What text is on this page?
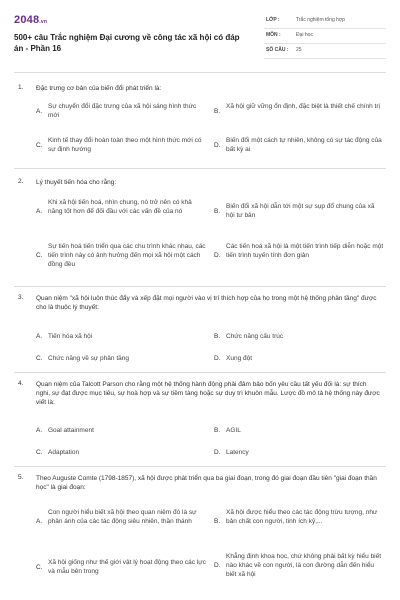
2048.vn
500+ câu Trắc nghiệm Đại cương về công tác xã hội có đáp án - Phần 16
LỚP :	Trắc nghiệm tổng hợp
MÔN :	Đại học
SỐ CÂU : 25
1. Đặc trưng cơ bản của biến đổi phát triển là:
A.
Sự chuyển đổi đặc trưng của xã hội sáng hình thức mới
B.
Xã hội giữ vững ổn định, đặc biệt là thiết chế chính trị
C.
Kinh tế thay đổi hoàn toàn theo một hình thức mới có sự định hướng
D.
Biến đổi một cách tự nhiên, không có sự tác động của bất kỳ ai
2. Lý thuyết tiến hóa cho rằng:
A.
Khi xã hội tiến hoá, nhìn chung, nó trở nên có khả năng tốt hơn để đối đầu với các vấn đề của nó	B.
Biến đổi xã hội dẫn tới một sự sụp đổ chung của xã hội tư bản
C.
Sự tiến hoá tiến triển qua các chu trình khác nhau, các tiến trình này có ảnh hưởng đến mọi xã hội một cách đồng đều
D.
Các tiến hoá xã hội là một tiến trình tiếp diễn hoặc một tiến trình tuyến tính đơn giản
3. Quan niệm "xã hội luôn thúc đẩy và xếp đặt mọi người vào vị trí thích hợp của họ trong một hệ thống phân tầng" được cho là thuộc lý thuyết:
A. Tiến hóa xã hội	B. Chức năng cấu trúc
C. Chức năng về sự phân tầng	D. Xung đột
4. Quan niệm của Talcott Parson cho rằng một hệ thống hành động phải đảm bảo bốn yêu cầu tất yếu đối là: sự thích nghi, sự đạt được mục tiêu, sự hoà hợp và sự tiềm tàng hoặc sự duy trì khuôn mẫu. Lược đồ mô tả hệ thống này được viết là:
A. Goal attainment	B. AGIL
C. Adaptation	D. Latency
5. Theo Auguste Comte (1798-1857), xã hội được phát triển qua ba giai đoạn, trong đó giai đoạn đầu tiên "giai đoạn thần học" là giai đoạn:
A.
Con người hiểu biết xã hội theo quan niệm đó là sự phản ánh của các tác động siêu nhiên, thần thánh	B.
Xã hội được hiểu theo các tác động trừu tượng, như bản chất con người, tinh ích kỷ,...
C.
Xã hội giống như thế giới vật lý hoạt động theo các lực và mẫu bên trong
D.
Khẳng định khoa học, chứ không phải bất kỳ hiểu biết nào khác về con người, là con đường dẫn đến hiểu biết xã hội
